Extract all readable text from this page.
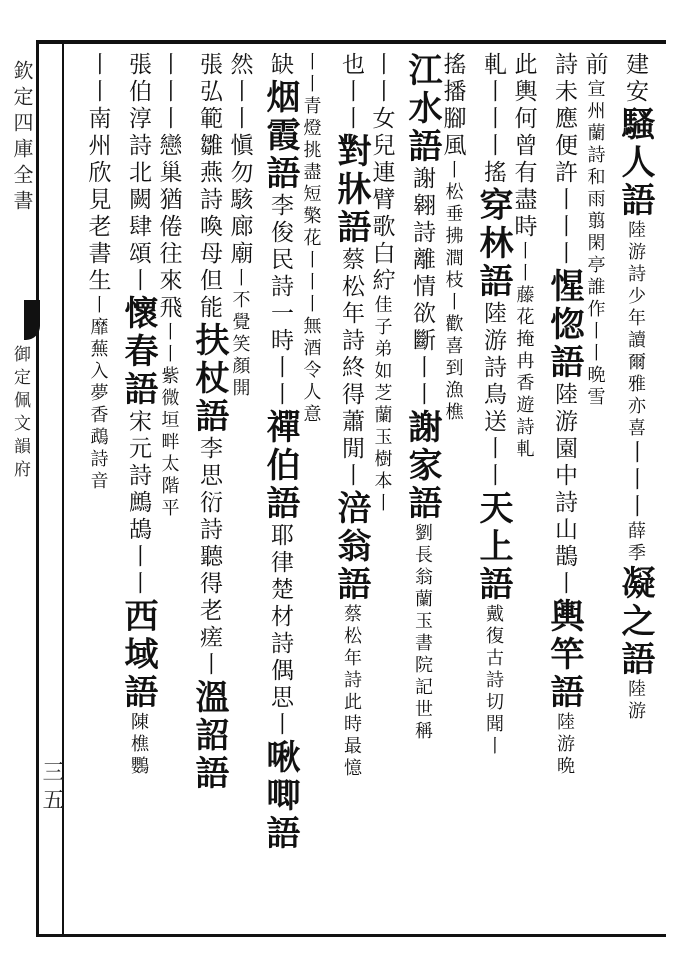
欽定四庫全書
御定佩文韻府
三五
建安騷人語陸游詩少年讀爾雅亦喜丨丨丨薛季凝之語陸游
前宣州蘭詩和雨翦閑亭誰作丨丨晩雪
詩未應便許丨丨丨惺惚語陸游園中詩山鵲丨輿竿語陸游晩
此輿何曾有盡時丨丨藤花掩冉香遊詩軋
軋丨丨丨搖穿林語陸游詩鳥送丨丨天上語戴復古詩切聞丨
搖播腳風丨松垂拂澗枝丨歡喜到漁樵
江水語謝翱詩離情欲斷丨丨謝家語劉長翁蘭玉書院記世稱
丨丨女兒連臂歌白紵佳子弟如芝蘭玉樹本丨
也丨丨對牀語蔡松年詩終得蕭閒丨涪翁語蔡松年詩此時最憶
丨丨青燈挑盡短檠花丨丨丨無酒令人意
缺烟霞語李俊民詩一時丨丨禪伯語耶律楚材詩偶思丨啾唧語
然丨丨愼勿駭廊廟丨不覺笑顏開
張弘範雛燕詩喚母但能扶杖語李思衍詩聽得老瘥丨溫詔語
丨丨丨戀巢猶倦往來飛丨丨紫微垣畔太階平
張伯淳詩北闕肆頌丨懷春語宋元詩鷓鴣丨丨西域語陳樵鸚
丨丨南州欣見老書生丨靡蕪入夢香鵡詩音
